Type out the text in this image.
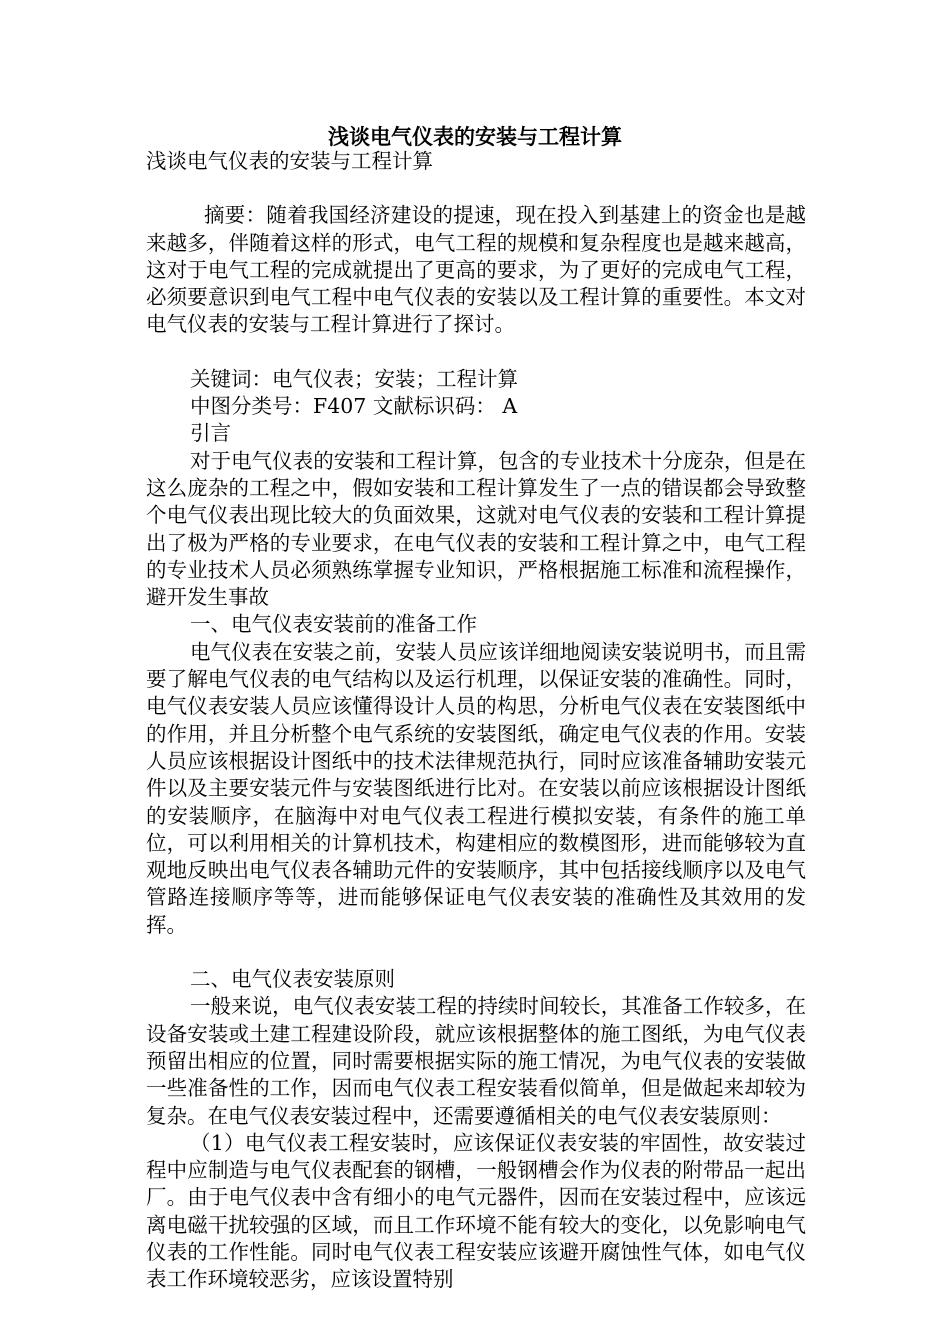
浅谈电气仪表的安装与工程计算

浅谈电气仪表的安装与工程计算

摘要：随着我国经济建设的提速，现在投入到基建上的资金也是越来越多，伴随着这样的形式，电气工程的规模和复杂程度也是越来越高，这对于电气工程的完成就提出了更高的要求，为了更好的完成电气工程，必须要意识到电气工程中电气仪表的安装以及工程计算的重要性。本文对电气仪表的安装与工程计算进行了探讨。

关键词：电气仪表；安装；工程计算

中图分类号：F407 文献标识码： A

引言

对于电气仪表的安装和工程计算，包含的专业技术十分庞杂，但是在这么庞杂的工程之中，假如安装和工程计算发生了一点的错误都会导致整个电气仪表出现比较大的负面效果，这就对电气仪表的安装和工程计算提出了极为严格的专业要求，在电气仪表的安装和工程计算之中，电气工程的专业技术人员必须熟练掌握专业知识，严格根据施工标准和流程操作，避开发生事故

一、电气仪表安装前的准备工作

电气仪表在安装之前，安装人员应该详细地阅读安装说明书，而且需要了解电气仪表的电气结构以及运行机理，以保证安装的准确性。同时，电气仪表安装人员应该懂得设计人员的构思，分析电气仪表在安装图纸中的作用，并且分析整个电气系统的安装图纸，确定电气仪表的作用。安装人员应该根据设计图纸中的技术法律规范执行，同时应该准备辅助安装元件以及主要安装元件与安装图纸进行比对。在安装以前应该根据设计图纸的安装顺序，在脑海中对电气仪表工程进行模拟安装，有条件的施工单位，可以利用相关的计算机技术，构建相应的数模图形，进而能够较为直观地反映出电气仪表各辅助元件的安装顺序，其中包括接线顺序以及电气管路连接顺序等等，进而能够保证电气仪表安装的准确性及其效用的发挥。

二、电气仪表安装原则

一般来说，电气仪表安装工程的持续时间较长，其准备工作较多，在设备安装或土建工程建设阶段，就应该根据整体的施工图纸，为电气仪表预留出相应的位置，同时需要根据实际的施工情况，为电气仪表的安装做一些准备性的工作，因而电气仪表工程安装看似简单，但是做起来却较为复杂。在电气仪表安装过程中，还需要遵循相关的电气仪表安装原则：

（1）电气仪表工程安装时，应该保证仪表安装的牢固性，故安装过程中应制造与电气仪表配套的钢槽，一般钢槽会作为仪表的附带品一起出厂。由于电气仪表中含有细小的电气元器件，因而在安装过程中，应该远离电磁干扰较强的区域，而且工作环境不能有较大的变化，以免影响电气仪表的工作性能。同时电气仪表工程安装应该避开腐蚀性气体，如电气仪表工作环境较恶劣，应该设置特别
